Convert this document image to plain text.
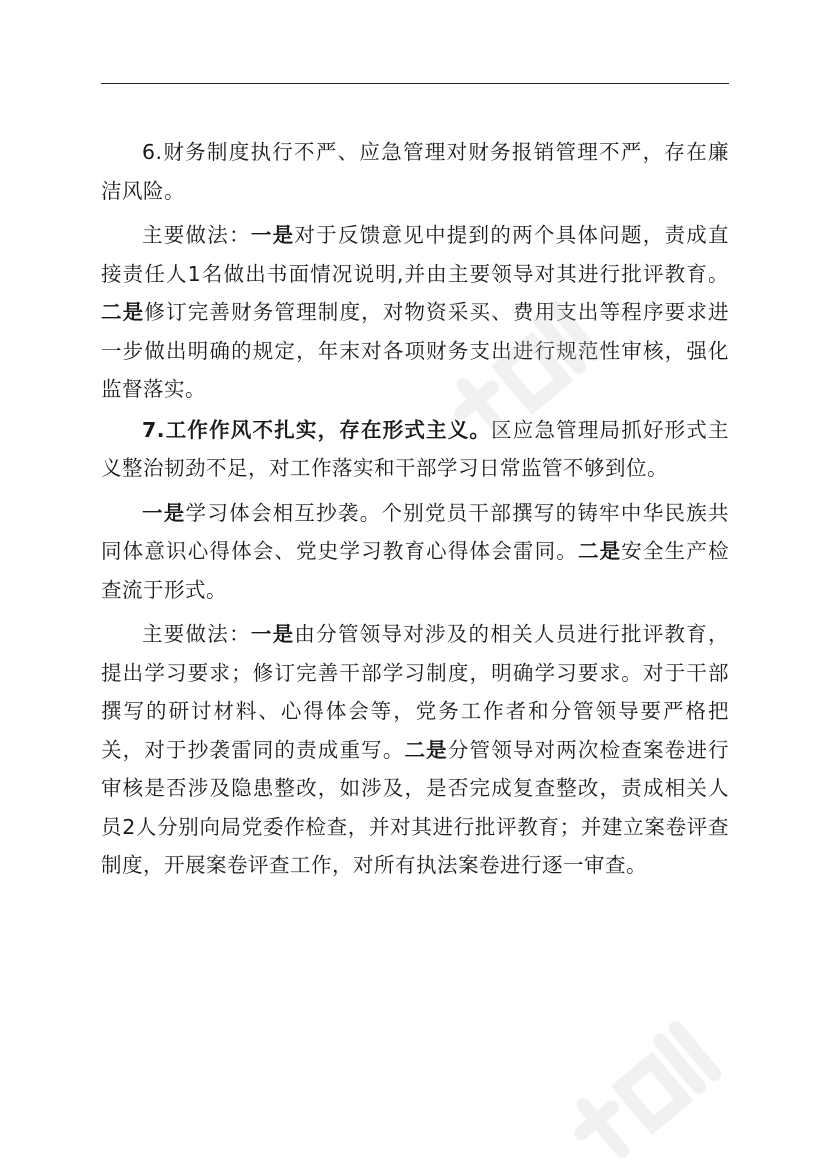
6.财务制度执行不严、应急管理对财务报销管理不严，存在廉洁风险。

主要做法：一是对于反馈意见中提到的两个具体问题，责成直接责任人1名做出书面情况说明,并由主要领导对其进行批评教育。二是修订完善财务管理制度，对物资采买、费用支出等程序要求进一步做出明确的规定，年末对各项财务支出进行规范性审核，强化监督落实。

7.工作作风不扎实，存在形式主义。区应急管理局抓好形式主义整治韧劲不足，对工作落实和干部学习日常监管不够到位。

一是学习体会相互抄袭。个别党员干部撰写的铸牢中华民族共同体意识心得体会、党史学习教育心得体会雷同。二是安全生产检查流于形式。

主要做法：一是由分管领导对涉及的相关人员进行批评教育，提出学习要求；修订完善干部学习制度，明确学习要求。对于干部撰写的研讨材料、心得体会等，党务工作者和分管领导要严格把关，对于抄袭雷同的责成重写。二是分管领导对两次检查案卷进行审核是否涉及隐患整改，如涉及，是否完成复查整改，责成相关人员2人分别向局党委作检查，并对其进行批评教育；并建立案卷评查制度，开展案卷评查工作，对所有执法案卷进行逐一审查。
